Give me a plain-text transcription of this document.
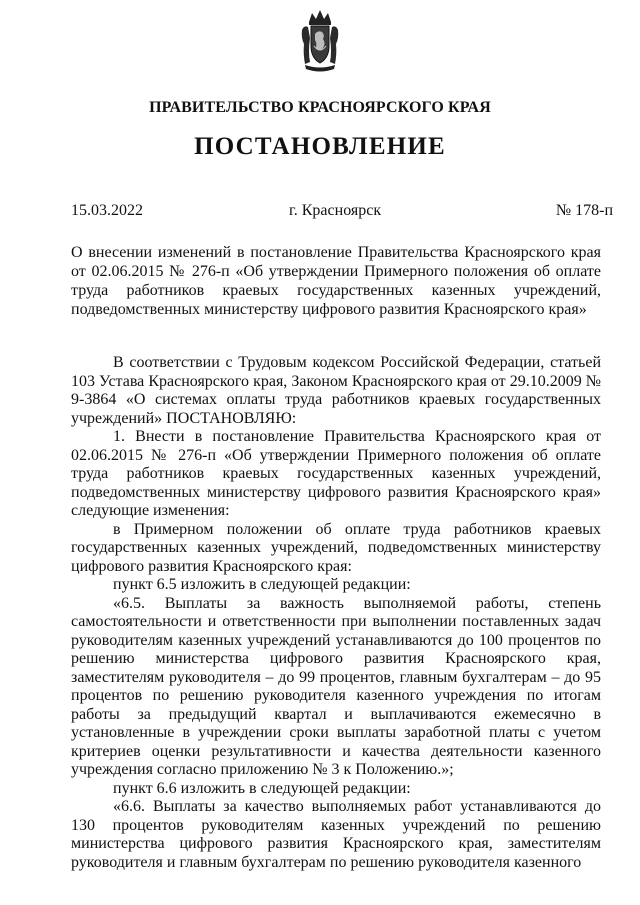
ПРАВИТЕЛЬСТВО КРАСНОЯРСКОГО КРАЯ
ПОСТАНОВЛЕНИЕ
15.03.2022	г. Красноярск	№ 178-п
О внесении изменений в постановление Правительства Красноярского края
от 02.06.2015 № 276-п «Об утверждении Примерного положения об оплате
труда работников краевых государственных казенных учреждений,
подведомственных министерству цифрового развития Красноярского края»

В соответствии с Трудовым кодексом Российской Федерации, статьей 103 Устава Красноярского края, Законом Красноярского края от 29.10.2009 № 9-3864 «О системах оплаты труда работников краевых государственных учреждений» ПОСТАНОВЛЯЮ:

1. Внести в постановление Правительства Красноярского края от 02.06.2015 № 276-п «Об утверждении Примерного положения об оплате труда работников краевых государственных казенных учреждений, подведомственных министерству цифрового развития Красноярского края» следующие изменения:

в Примерном положении об оплате труда работников краевых государственных казенных учреждений, подведомственных министерству цифрового развития Красноярского края:

пункт 6.5 изложить в следующей редакции:

«6.5. Выплаты за важность выполняемой работы, степень самостоятельности и ответственности при выполнении поставленных задач руководителям казенных учреждений устанавливаются до 100 процентов по решению министерства цифрового развития Красноярского края, заместителям руководителя – до 99 процентов, главным бухгалтерам – до 95 процентов по решению руководителя казенного учреждения по итогам работы за предыдущий квартал и выплачиваются ежемесячно в установленные в учреждении сроки выплаты заработной платы с учетом критериев оценки результативности и качества деятельности казенного учреждения согласно приложению № 3 к Положению.»;

пункт 6.6 изложить в следующей редакции:

«6.6. Выплаты за качество выполняемых работ устанавливаются до 130 процентов руководителям казенных учреждений по решению министерства цифрового развития Красноярского края, заместителям руководителя и главным бухгалтерам по решению руководителя казенного
